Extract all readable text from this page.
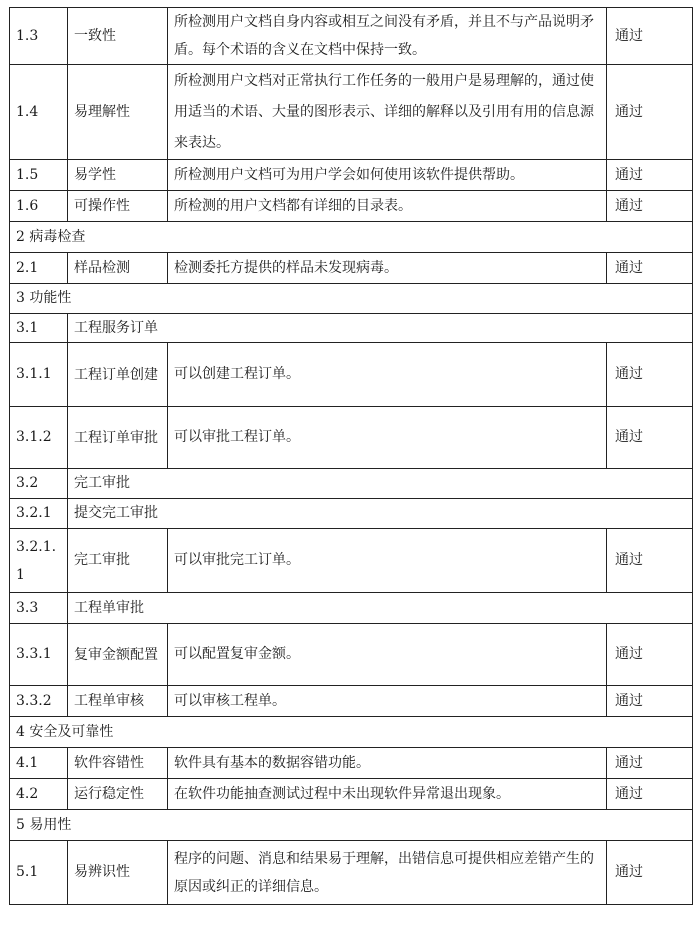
1.3	一致性	所检测用户文档自身内容或相互之间没有矛盾，并且不与产品说明矛盾。每个术语的含义在文档中保持一致。	通过
1.4	易理解性	所检测用户文档对正常执行工作任务的一般用户是易理解的，通过使用适当的术语、大量的图形表示、详细的解释以及引用有用的信息源来表达。	通过
1.5	易学性	所检测用户文档可为用户学会如何使用该软件提供帮助。	通过
1.6	可操作性	所检测的用户文档都有详细的目录表。	通过
2 病毒检查			
2.1	样品检测	检测委托方提供的样品未发现病毒。	通过
3 功能性			
3.1	工程服务订单		
3.1.1	工程订单创建	可以创建工程订单。	通过
3.1.2	工程订单审批	可以审批工程订单。	通过
3.2	完工审批		
3.2.1	提交完工审批		
3.2.1.1	完工审批	可以审批完工订单。	通过
3.3	工程单审批		
3.3.1	复审金额配置	可以配置复审金额。	通过
3.3.2	工程单审核	可以审核工程单。	通过
4 安全及可靠性			
4.1	软件容错性	软件具有基本的数据容错功能。	通过
4.2	运行稳定性	在软件功能抽查测试过程中未出现软件异常退出现象。	通过
5 易用性			
5.1	易辨识性	程序的问题、消息和结果易于理解，出错信息可提供相应差错产生的原因或纠正的详细信息。	通过
